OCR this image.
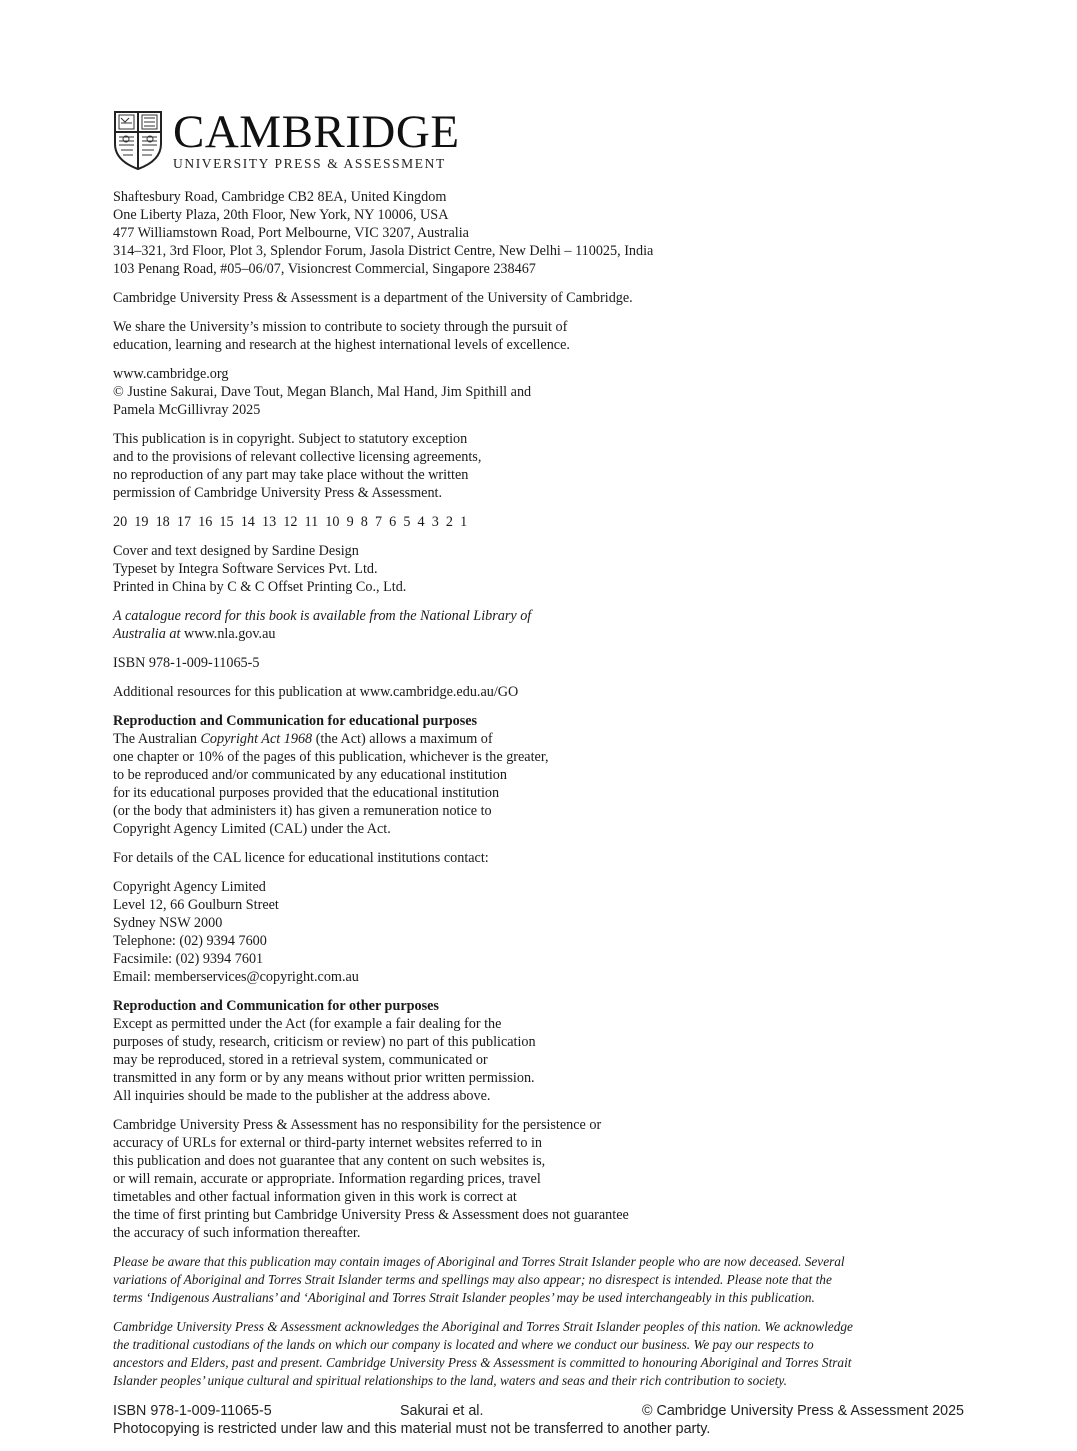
CAMBRIDGE
UNIVERSITY PRESS & ASSESSMENT
Shaftesbury Road, Cambridge CB2 8EA, United Kingdom
One Liberty Plaza, 20th Floor, New York, NY 10006, USA
477 Williamstown Road, Port Melbourne, VIC 3207, Australia
314–321, 3rd Floor, Plot 3, Splendor Forum, Jasola District Centre, New Delhi – 110025, India
103 Penang Road, #05–06/07, Visioncrest Commercial, Singapore 238467
Cambridge University Press & Assessment is a department of the University of Cambridge.
We share the University’s mission to contribute to society through the pursuit of
education, learning and research at the highest international levels of excellence.
www.cambridge.org
© Justine Sakurai, Dave Tout, Megan Blanch, Mal Hand, Jim Spithill and
Pamela McGillivray 2025
This publication is in copyright. Subject to statutory exception
and to the provisions of relevant collective licensing agreements,
no reproduction of any part may take place without the written
permission of Cambridge University Press & Assessment.
20  19  18  17  16  15  14  13  12  11  10  9  8  7  6  5  4  3  2  1
Cover and text designed by Sardine Design
Typeset by Integra Software Services Pvt. Ltd.
Printed in China by C & C Offset Printing Co., Ltd.
A catalogue record for this book is available from the National Library of
Australia at www.nla.gov.au
ISBN 978-1-009-11065-5
Additional resources for this publication at www.cambridge.edu.au/GO
Reproduction and Communication for educational purposes
The Australian Copyright Act 1968 (the Act) allows a maximum of
one chapter or 10% of the pages of this publication, whichever is the greater,
to be reproduced and/or communicated by any educational institution
for its educational purposes provided that the educational institution
(or the body that administers it) has given a remuneration notice to
Copyright Agency Limited (CAL) under the Act.
For details of the CAL licence for educational institutions contact:
Copyright Agency Limited
Level 12, 66 Goulburn Street
Sydney NSW 2000
Telephone: (02) 9394 7600
Facsimile: (02) 9394 7601
Email: memberservices@copyright.com.au
Reproduction and Communication for other purposes
Except as permitted under the Act (for example a fair dealing for the
purposes of study, research, criticism or review) no part of this publication
may be reproduced, stored in a retrieval system, communicated or
transmitted in any form or by any means without prior written permission.
All inquiries should be made to the publisher at the address above.
Cambridge University Press & Assessment has no responsibility for the persistence or
accuracy of URLs for external or third-party internet websites referred to in
this publication and does not guarantee that any content on such websites is,
or will remain, accurate or appropriate. Information regarding prices, travel
timetables and other factual information given in this work is correct at
the time of first printing but Cambridge University Press & Assessment does not guarantee
the accuracy of such information thereafter.
Please be aware that this publication may contain images of Aboriginal and Torres Strait Islander people who are now deceased. Several
variations of Aboriginal and Torres Strait Islander terms and spellings may also appear; no disrespect is intended. Please note that the
terms ‘Indigenous Australians’ and ‘Aboriginal and Torres Strait Islander peoples’ may be used interchangeably in this publication.
Cambridge University Press & Assessment acknowledges the Aboriginal and Torres Strait Islander peoples of this nation. We acknowledge
the traditional custodians of the lands on which our company is located and where we conduct our business. We pay our respects to
ancestors and Elders, past and present. Cambridge University Press & Assessment is committed to honouring Aboriginal and Torres Strait
Islander peoples’ unique cultural and spiritual relationships to the land, waters and seas and their rich contribution to society.
ISBN 978-1-009-11065-5	Sakurai et al.	© Cambridge University Press & Assessment 2025
Photocopying is restricted under law and this material must not be transferred to another party.
